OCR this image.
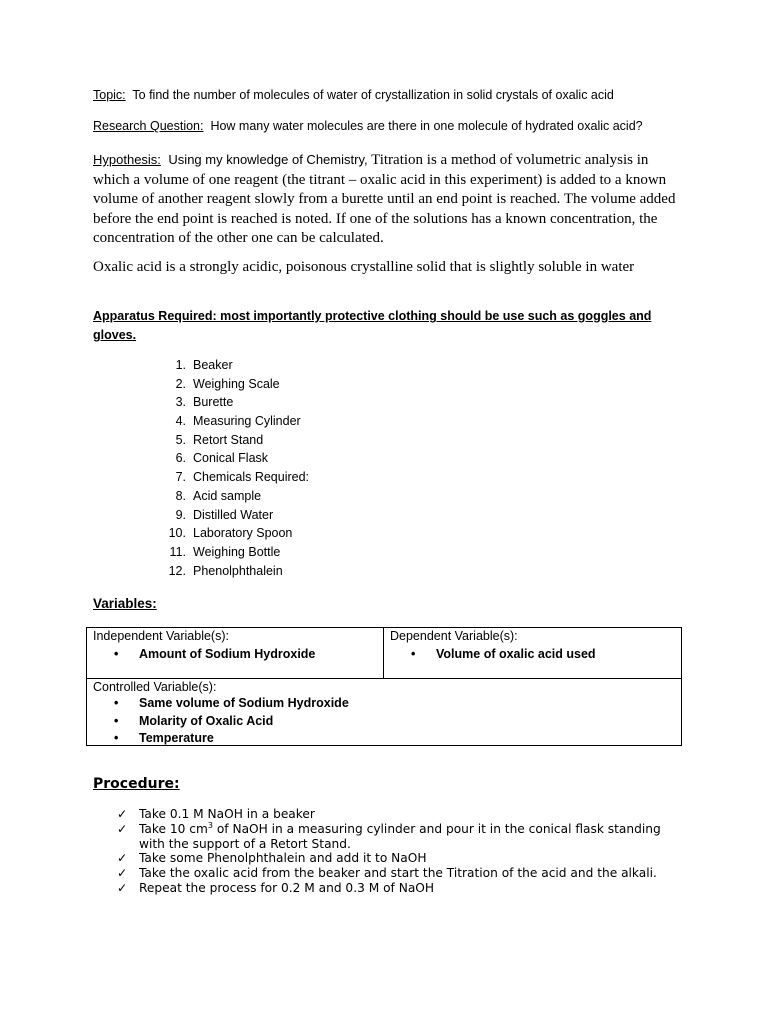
Topic: To find the number of molecules of water of crystallization in solid crystals of oxalic acid
Research Question: How many water molecules are there in one molecule of hydrated oxalic acid?
Hypothesis: Using my knowledge of Chemistry, Titration is a method of volumetric analysis in which a volume of one reagent (the titrant – oxalic acid in this experiment) is added to a known volume of another reagent slowly from a burette until an end point is reached. The volume added before the end point is reached is noted. If one of the solutions has a known concentration, the concentration of the other one can be calculated.
Oxalic acid is a strongly acidic, poisonous crystalline solid that is slightly soluble in water
Apparatus Required: most importantly protective clothing should be use such as goggles and gloves.
1. Beaker
2. Weighing Scale
3. Burette
4. Measuring Cylinder
5. Retort Stand
6. Conical Flask
7. Chemicals Required:
8. Acid sample
9. Distilled Water
10. Laboratory Spoon
11. Weighing Bottle
12. Phenolphthalein
Variables:
Independent Variable(s):
• Amount of Sodium Hydroxide
Dependent Variable(s):
• Volume of oxalic acid used
Controlled Variable(s):
• Same volume of Sodium Hydroxide
• Molarity of Oxalic Acid
• Temperature
Procedure:
✓ Take 0.1 M NaOH in a beaker
✓ Take 10 $cm^3$ of NaOH in a measuring cylinder and pour it in the conical flask standing with the support of a Retort Stand.
✓ Take some Phenolphthalein and add it to NaOH
✓ Take the oxalic acid from the beaker and start the Titration of the acid and the alkali.
✓ Repeat the process for 0.2 M and 0.3 M of NaOH
